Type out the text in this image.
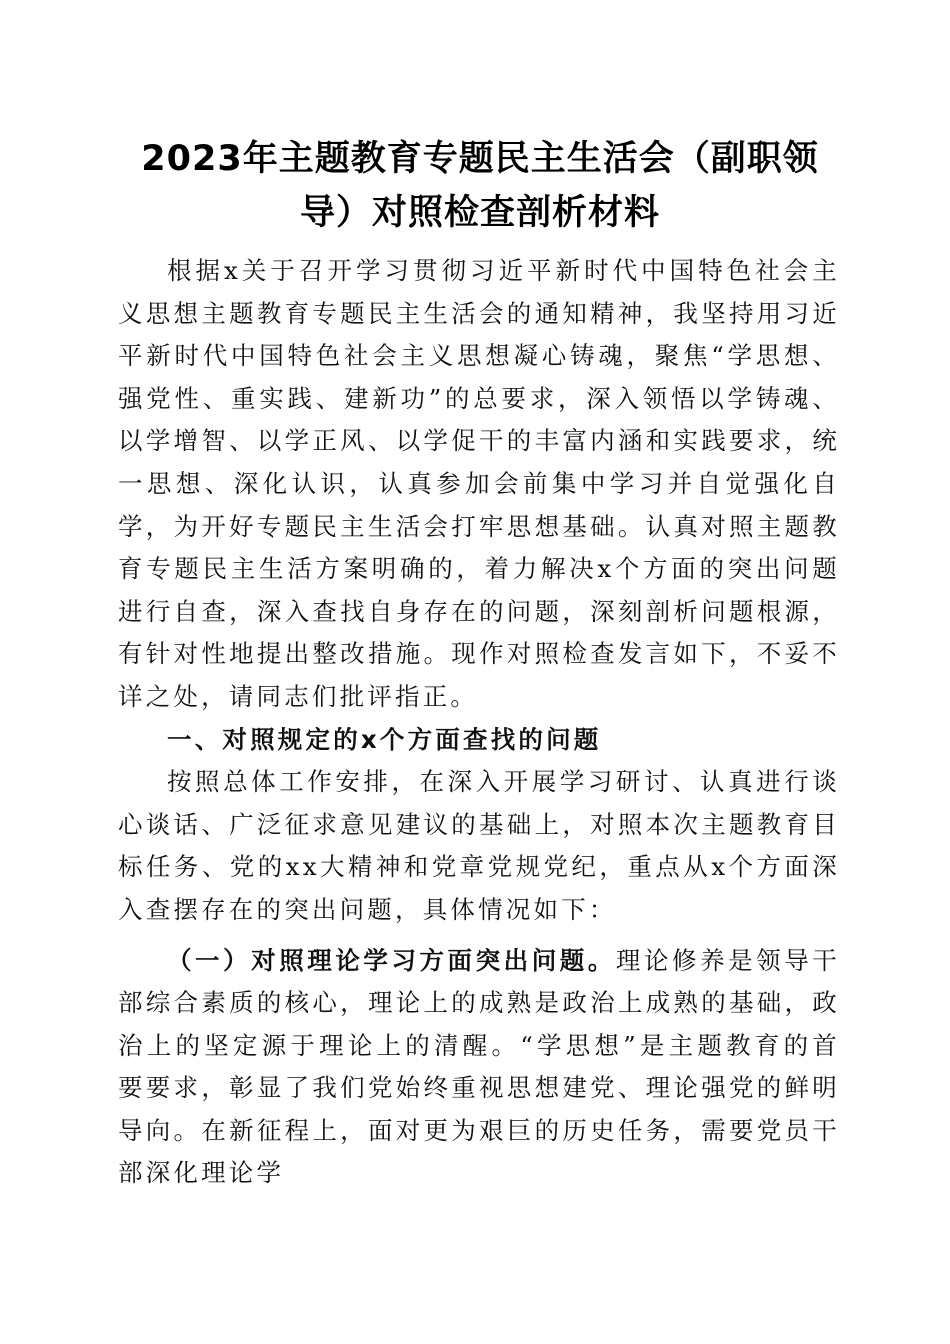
2023年主题教育专题民主生活会（副职领导）对照检查剖析材料

根据x关于召开学习贯彻习近平新时代中国特色社会主义思想主题教育专题民主生活会的通知精神，我坚持用习近平新时代中国特色社会主义思想凝心铸魂，聚焦“学思想、强党性、重实践、建新功”的总要求，深入领悟以学铸魂、以学增智、以学正风、以学促干的丰富内涵和实践要求，统一思想、深化认识，认真参加会前集中学习并自觉强化自学，为开好专题民主生活会打牢思想基础。认真对照主题教育专题民主生活方案明确的，着力解决x个方面的突出问题进行自查，深入查找自身存在的问题，深刻剖析问题根源，有针对性地提出整改措施。现作对照检查发言如下，不妥不详之处，请同志们批评指正。

一、对照规定的x个方面查找的问题

按照总体工作安排，在深入开展学习研讨、认真进行谈心谈话、广泛征求意见建议的基础上，对照本次主题教育目标任务、党的xx大精神和党章党规党纪，重点从x个方面深入查摆存在的突出问题，具体情况如下：

（一）对照理论学习方面突出问题。理论修养是领导干部综合素质的核心，理论上的成熟是政治上成熟的基础，政治上的坚定源于理论上的清醒。“学思想”是主题教育的首要要求，彰显了我们党始终重视思想建党、理论强党的鲜明导向。在新征程上，面对更为艰巨的历史任务，需要党员干部深化理论学
